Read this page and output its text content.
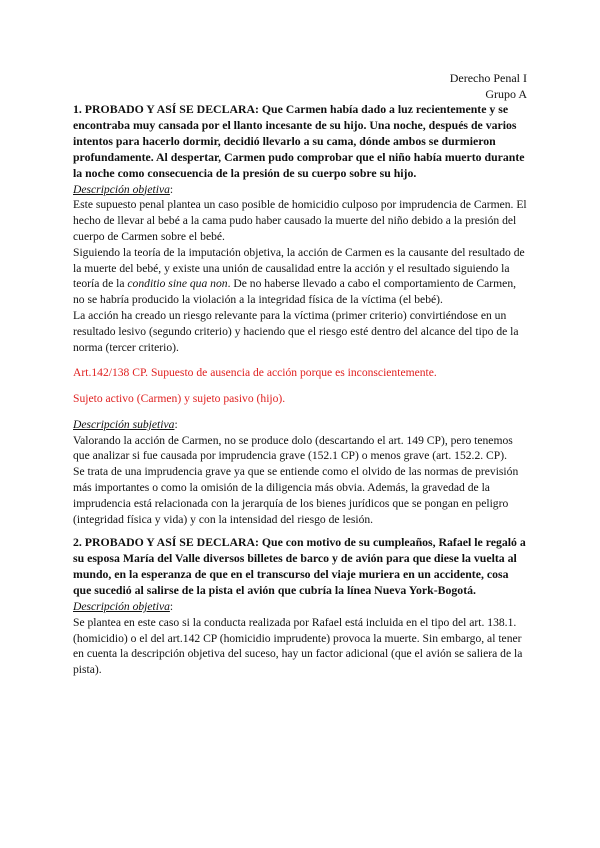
Derecho Penal I
Grupo A

1. PROBADO Y ASÍ SE DECLARA: Que Carmen había dado a luz recientemente y se encontraba muy cansada por el llanto incesante de su hijo. Una noche, después de varios intentos para hacerlo dormir, decidió llevarlo a su cama, dónde ambos se durmieron profundamente. Al despertar, Carmen pudo comprobar que el niño había muerto durante la noche como consecuencia de la presión de su cuerpo sobre su hijo.

Descripción objetiva:

Este supuesto penal plantea un caso posible de homicidio culposo por imprudencia de Carmen. El hecho de llevar al bebé a la cama pudo haber causado la muerte del niño debido a la presión del cuerpo de Carmen sobre el bebé.

Siguiendo la teoría de la imputación objetiva, la acción de Carmen es la causante del resultado de la muerte del bebé, y existe una unión de causalidad entre la acción y el resultado siguiendo la teoría de la conditio sine qua non. De no haberse llevado a cabo el comportamiento de Carmen, no se habría producido la violación a la integridad física de la víctima (el bebé).

La acción ha creado un riesgo relevante para la víctima (primer criterio) convirtiéndose en un resultado lesivo (segundo criterio) y haciendo que el riesgo esté dentro del alcance del tipo de la norma (tercer criterio).

Art.142/138 CP. Supuesto de ausencia de acción porque es inconscientemente.

Sujeto activo (Carmen) y sujeto pasivo (hijo).

Descripción subjetiva:

Valorando la acción de Carmen, no se produce dolo (descartando el art. 149 CP), pero tenemos que analizar si fue causada por imprudencia grave (152.1 CP) o menos grave (art. 152.2. CP).

Se trata de una imprudencia grave ya que se entiende como el olvido de las normas de previsión más importantes o como la omisión de la diligencia más obvia. Además, la gravedad de la imprudencia está relacionada con la jerarquía de los bienes jurídicos que se pongan en peligro (integridad física y vida) y con la intensidad del riesgo de lesión.

2. PROBADO Y ASÍ SE DECLARA: Que con motivo de su cumpleaños, Rafael le regaló a su esposa María del Valle diversos billetes de barco y de avión para que diese la vuelta al mundo, en la esperanza de que en el transcurso del viaje muriera en un accidente, cosa que sucedió al salirse de la pista el avión que cubría la línea Nueva York-Bogotá.

Descripción objetiva:

Se plantea en este caso si la conducta realizada por Rafael está incluida en el tipo del art. 138.1. (homicidio) o el del art.142 CP (homicidio imprudente) provoca la muerte. Sin embargo, al tener en cuenta la descripción objetiva del suceso, hay un factor adicional (que el avión se saliera de la pista).
